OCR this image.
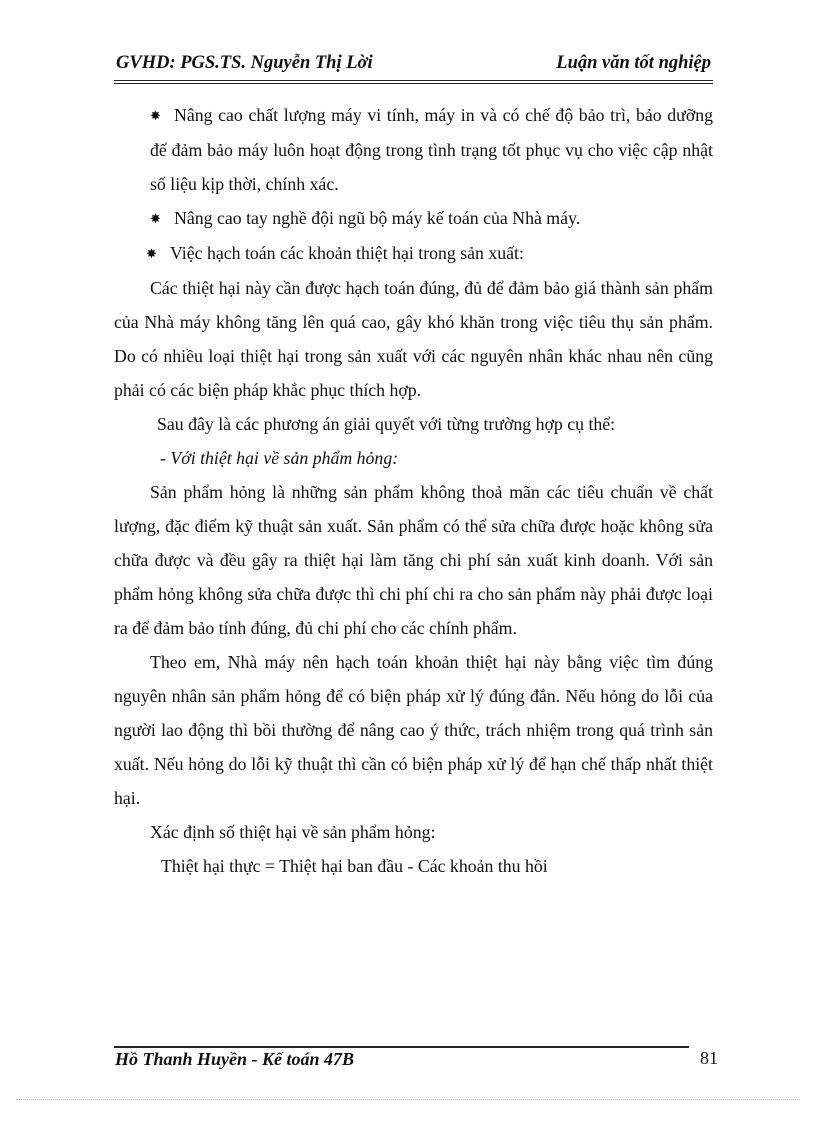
GVHD: PGS.TS. Nguyễn Thị Lời	Luận văn tốt nghiệp

✸ Nâng cao chất lượng máy vi tính, máy in và có chế độ bảo trì, bảo dưỡng để đảm bảo máy luôn hoạt động trong tình trạng tốt phục vụ cho việc cập nhật số liệu kịp thời, chính xác.

✸ Nâng cao tay nghề đội ngũ bộ máy kế toán của Nhà máy.

✸ Việc hạch toán các khoản thiệt hại trong sản xuất:

Các thiệt hại này cần được hạch toán đúng, đủ để đảm bảo giá thành sản phẩm của Nhà máy không tăng lên quá cao, gây khó khăn trong việc tiêu thụ sản phẩm. Do có nhiều loại thiệt hại trong sản xuất với các nguyên nhân khác nhau nên cũng phải có các biện pháp khắc phục thích hợp.

Sau đây là các phương án giải quyết với từng trường hợp cụ thể:

- Với thiệt hại về sản phẩm hỏng:

Sản phẩm hỏng là những sản phẩm không thoả mãn các tiêu chuẩn về chất lượng, đặc điểm kỹ thuật sản xuất. Sản phẩm có thể sửa chữa được hoặc không sửa chữa được và đều gây ra thiệt hại làm tăng chi phí sản xuất kinh doanh. Với sản phẩm hỏng không sửa chữa được thì chi phí chi ra cho sản phẩm này phải được loại ra để đảm bảo tính đúng, đủ chi phí cho các chính phẩm.

Theo em, Nhà máy nên hạch toán khoản thiệt hại này bằng việc tìm đúng nguyên nhân sản phẩm hỏng để có biện pháp xử lý đúng đắn. Nếu hỏng do lỗi của người lao động thì bồi thường để nâng cao ý thức, trách nhiệm trong quá trình sản xuất. Nếu hỏng do lỗi kỹ thuật thì cần có biện pháp xử lý để hạn chế thấp nhất thiệt hại.

Xác định số thiệt hại về sản phẩm hỏng:

Thiệt hại thực = Thiệt hại ban đầu - Các khoản thu hồi

Hồ Thanh Huyền - Kế toán 47B	81
